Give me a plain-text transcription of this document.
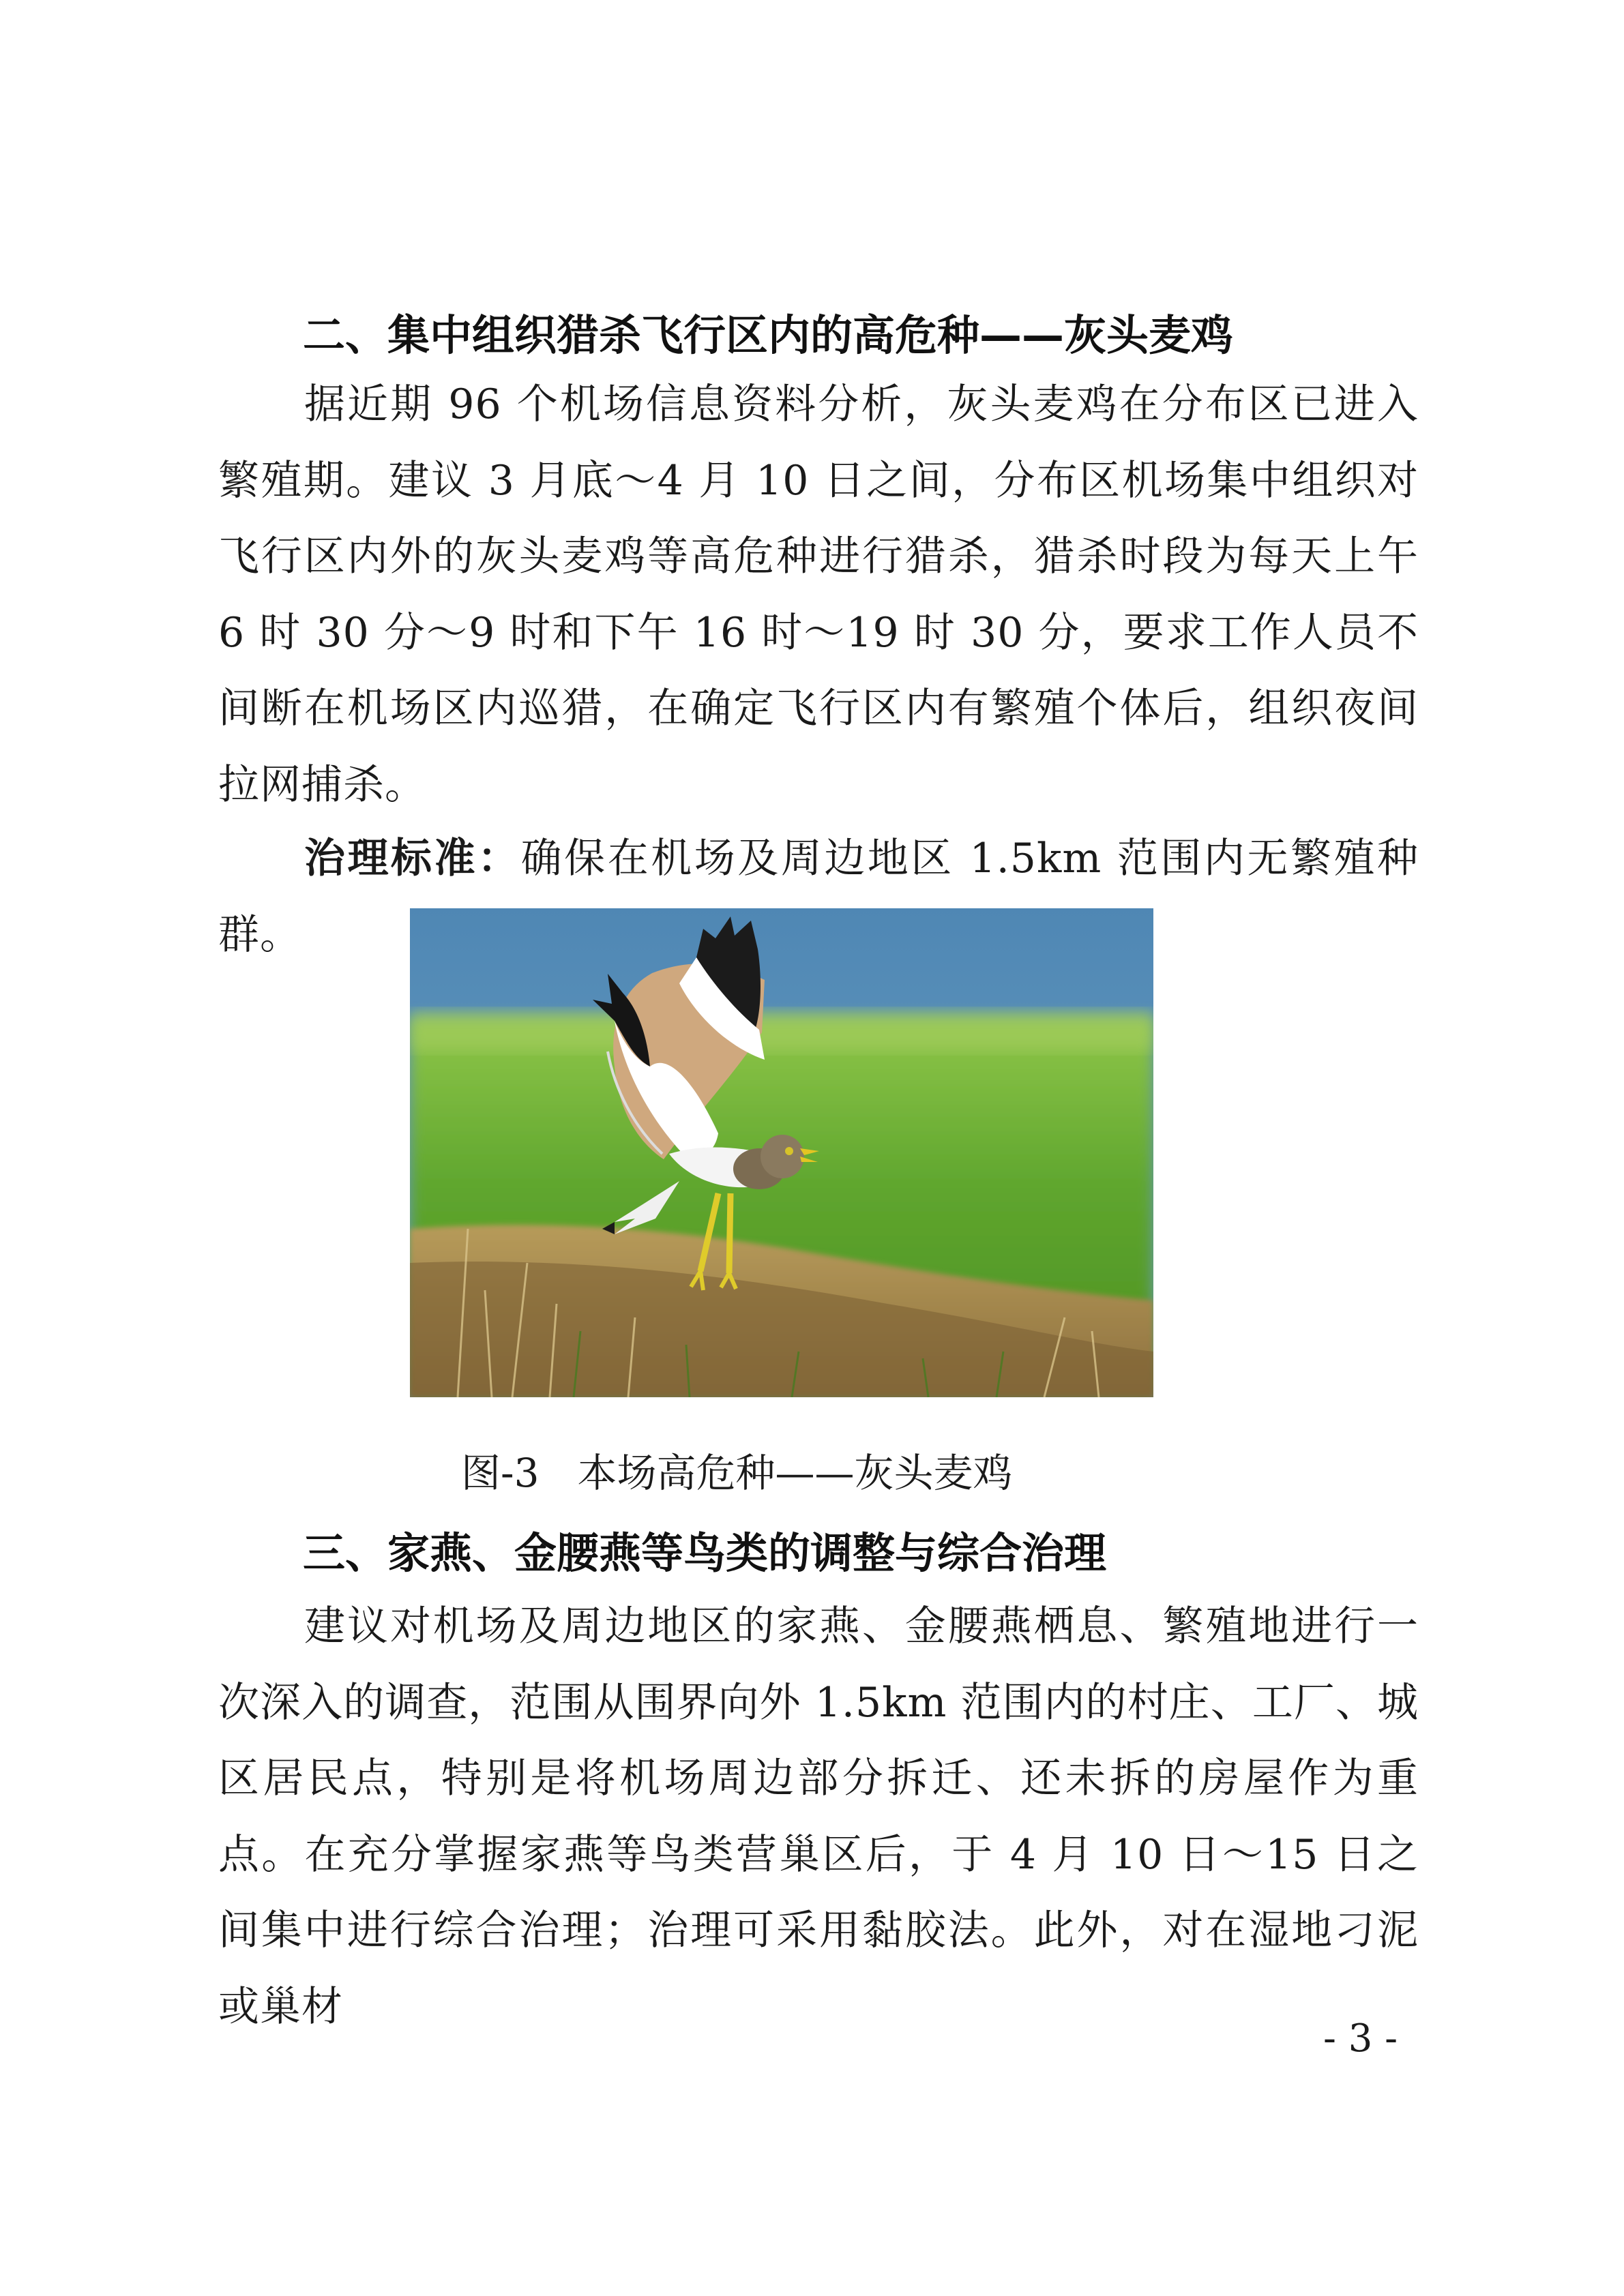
二、集中组织猎杀飞行区内的高危种——灰头麦鸡
据近期 96 个机场信息资料分析，灰头麦鸡在分布区已进入繁殖期。建议 3 月底～4 月 10 日之间，分布区机场集中组织对飞行区内外的灰头麦鸡等高危种进行猎杀，猎杀时段为每天上午 6 时 30 分～9 时和下午 16 时～19 时 30 分，要求工作人员不间断在机场区内巡猎，在确定飞行区内有繁殖个体后，组织夜间拉网捕杀。
治理标准：确保在机场及周边地区 1.5km 范围内无繁殖种群。
图-3 本场高危种——灰头麦鸡
三、家燕、金腰燕等鸟类的调整与综合治理
建议对机场及周边地区的家燕、金腰燕栖息、繁殖地进行一次深入的调查，范围从围界向外 1.5km 范围内的村庄、工厂、城区居民点，特别是将机场周边部分拆迁、还未拆的房屋作为重点。在充分掌握家燕等鸟类营巢区后，于 4 月 10 日～15 日之间集中进行综合治理；治理可采用黏胶法。此外，对在湿地刁泥或巢材
- 3 -
